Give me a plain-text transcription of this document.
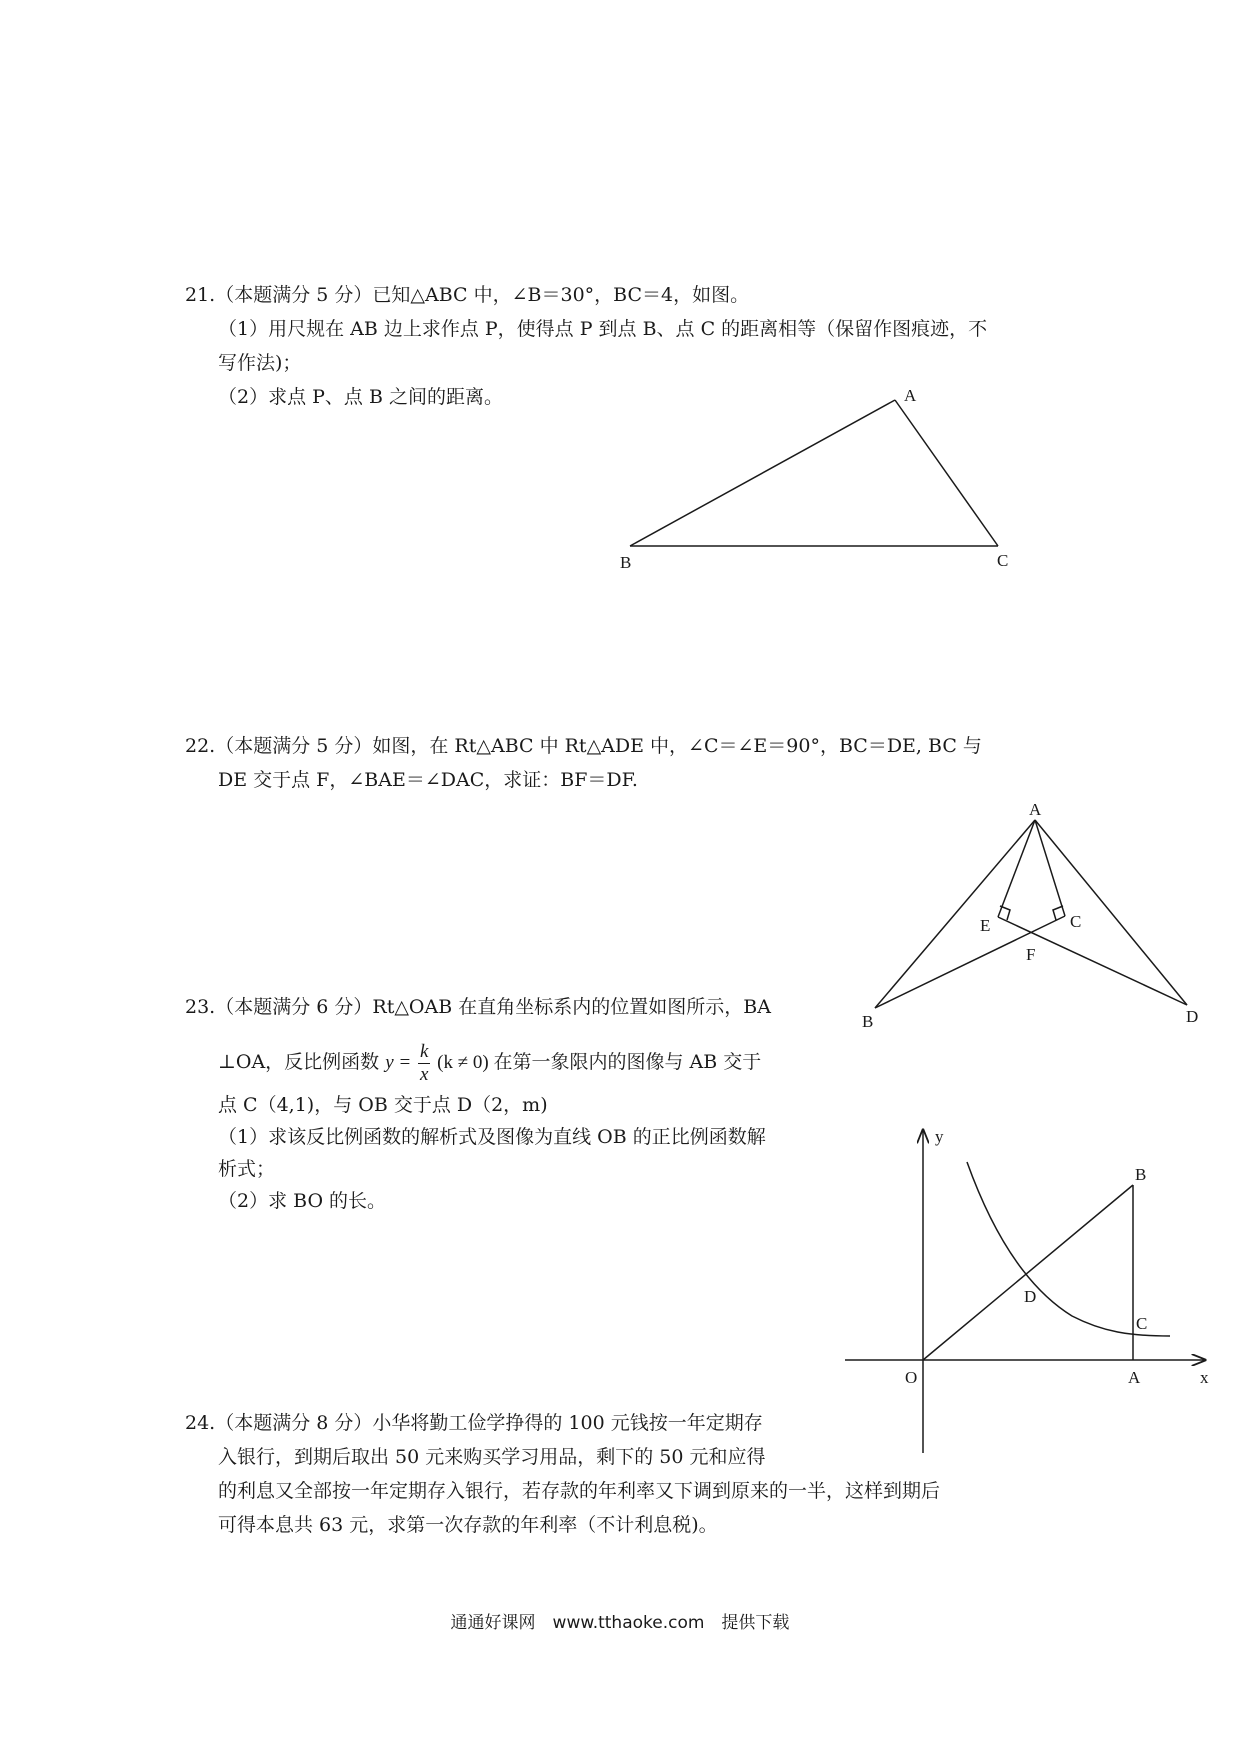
21.（本题满分 5 分）已知△ABC 中，∠B＝30°，BC＝4，如图。
（1）用尺规在 AB 边上求作点 P，使得点 P 到点 B、点 C 的距离相等（保留作图痕迹，不
写作法)；
（2）求点 P、点 B 之间的距离。	A
B	C
22.（本题满分 5 分）如图，在 Rt△ABC 中 Rt△ADE 中，∠C＝∠E＝90°，BC＝DE, BC 与
DE 交于点 F，∠BAE＝∠DAC，求证：BF＝DF.
A
E	C
F
B	D
23.（本题满分 6 分）Rt△OAB 在直角坐标系内的位置如图所示，BA
⊥OA，反比例函数 $y = \frac{k}{x} (k \ne 0)$ 在第一象限内的图像与 AB 交于
点 C（4,1)，与 OB 交于点 D（2，m)
（1）求该反比例函数的解析式及图像为直线 OB 的正比例函数解
析式；
（2）求 BO 的长。
y
x
O	A
B
C
D
24.（本题满分 8 分）小华将勤工俭学挣得的 100 元钱按一年定期存
入银行，到期后取出 50 元来购买学习用品，剩下的 50 元和应得
的利息又全部按一年定期存入银行，若存款的年利率又下调到原来的一半，这样到期后
可得本息共 63 元，求第一次存款的年利率（不计利息税)。
通通好课网　www.tthaoke.com　提供下载
